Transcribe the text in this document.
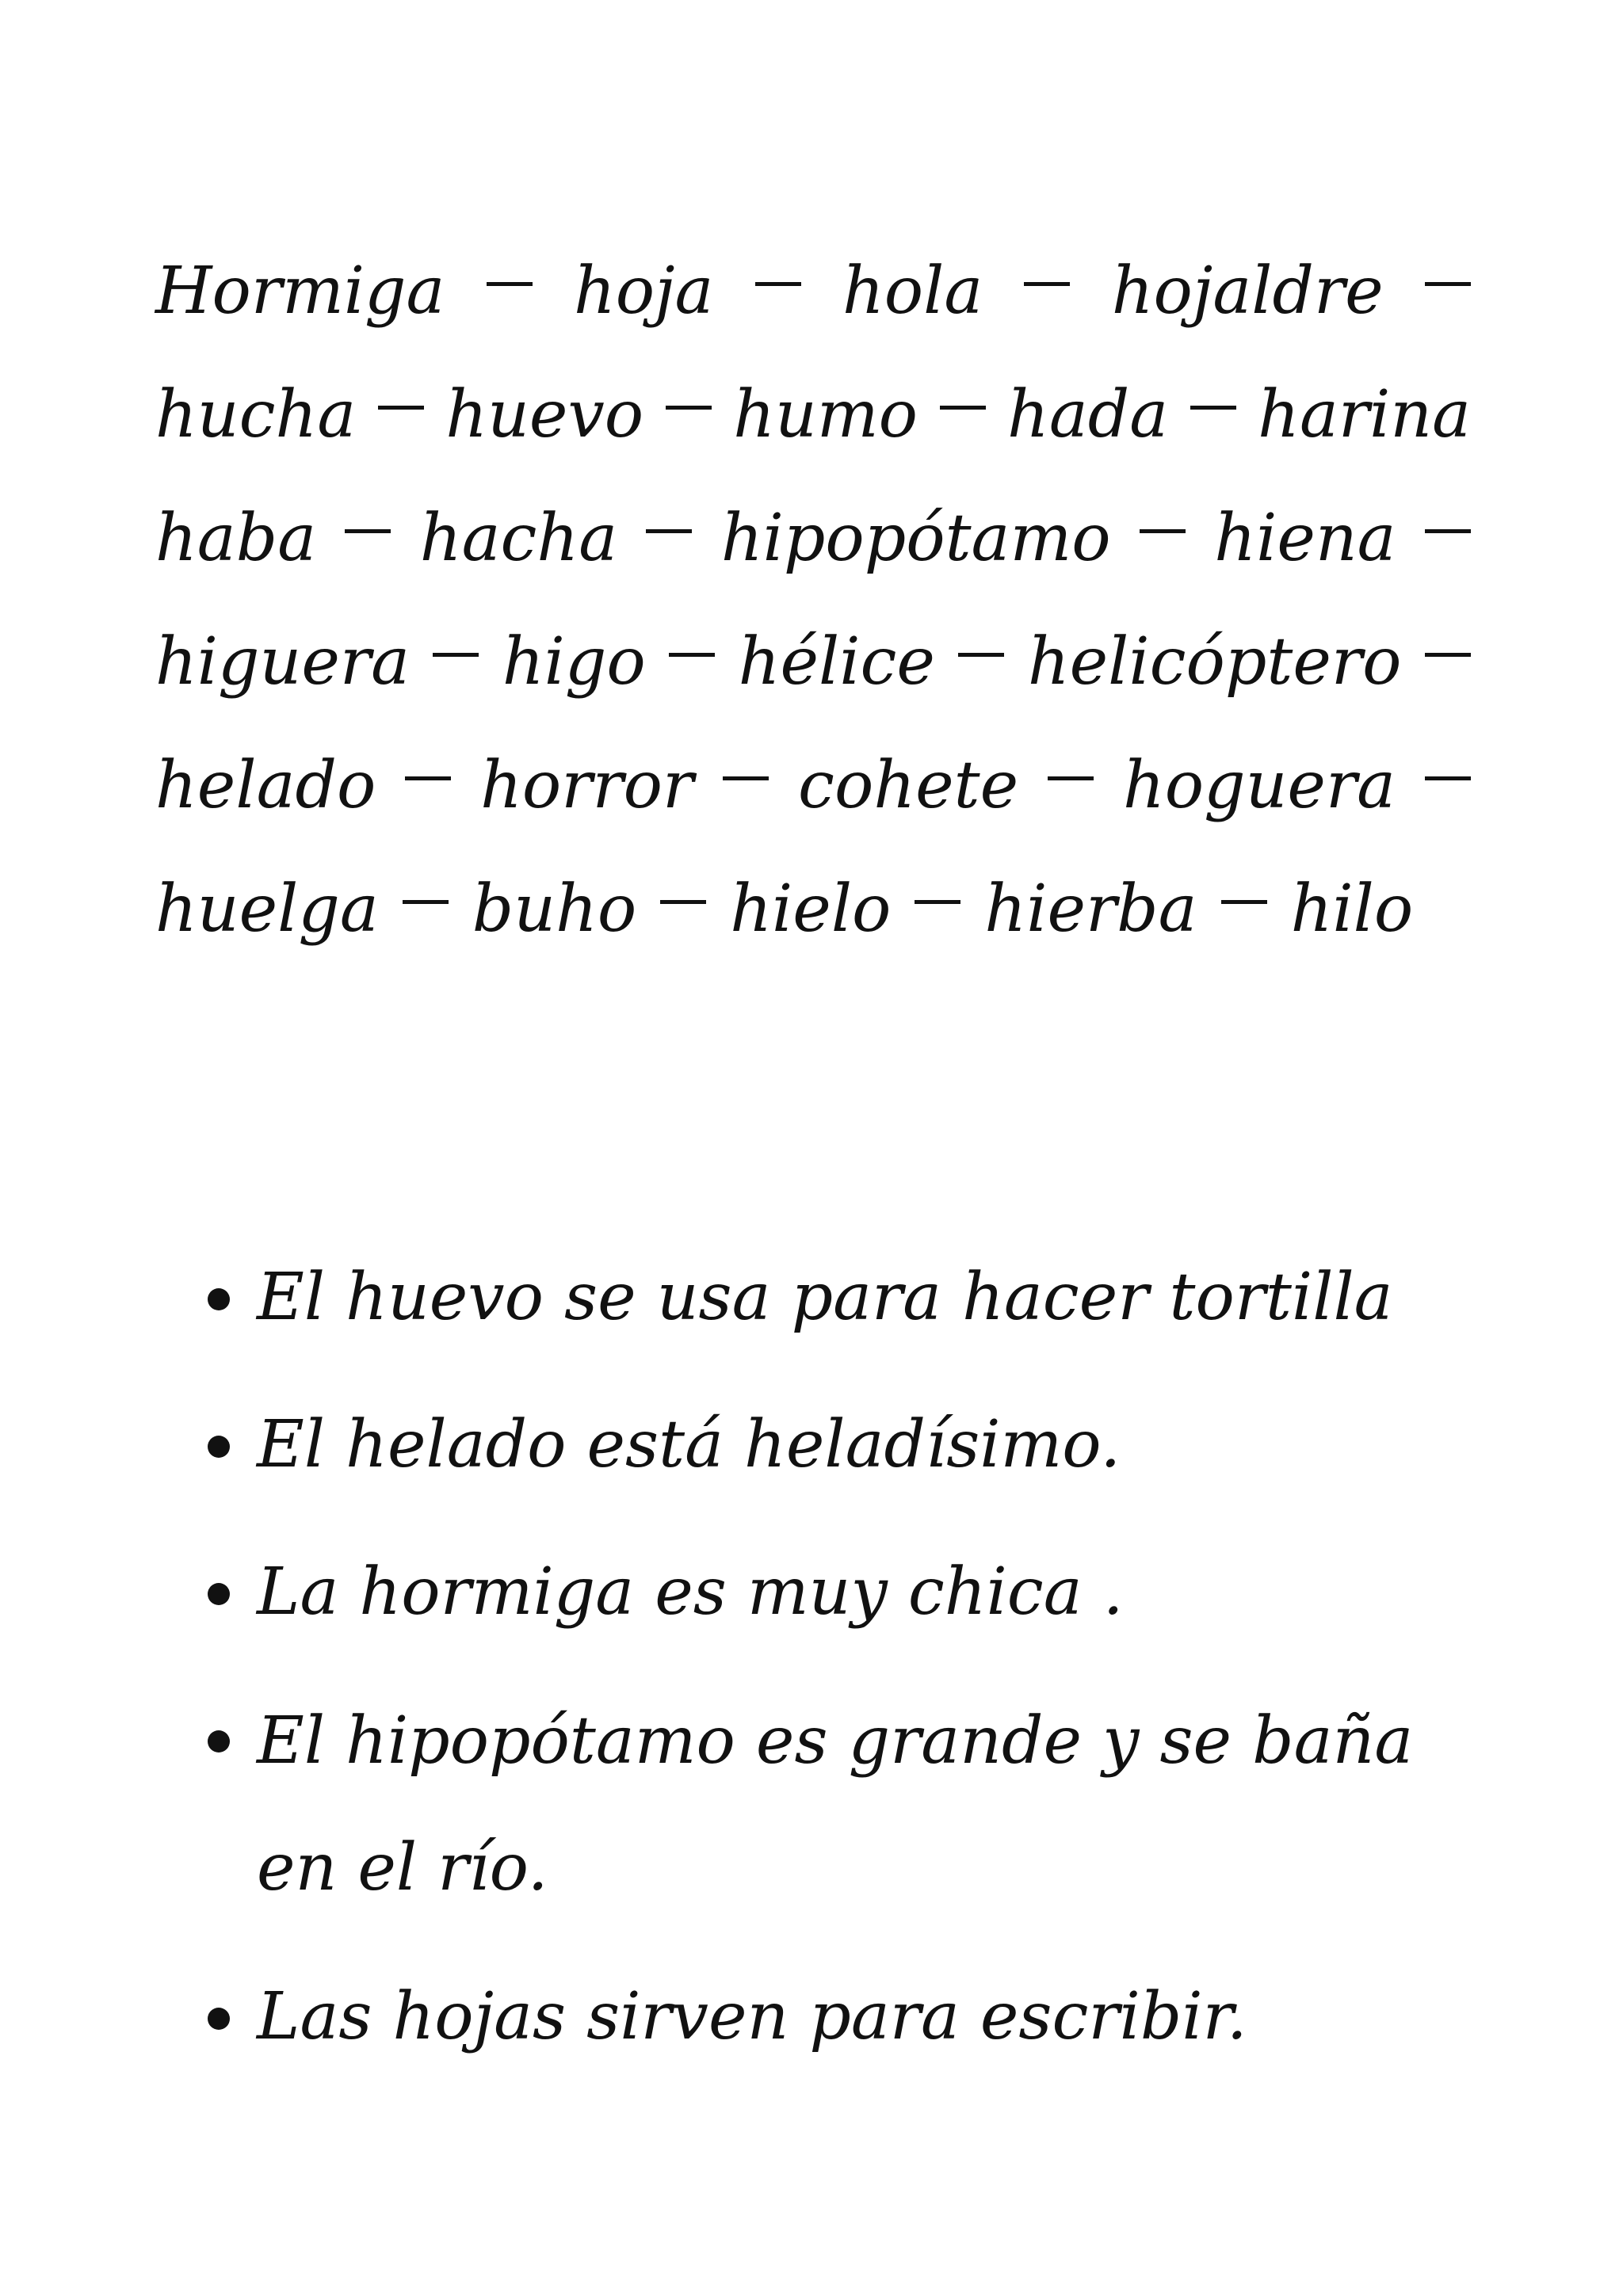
Hormiga hoja hola hojaldre
hucha huevo humo hada harina
haba hacha hipopótamo hiena
higuera higo hélice helicóptero
helado horror cohete hoguera
huelga buho hielo hierba hilo
El huevo se usa para hacer tortilla
El helado está heladísimo.
La hormiga es muy chica .
El hipopótamo es grande y se baña en el río.
Las hojas sirven para escribir.
